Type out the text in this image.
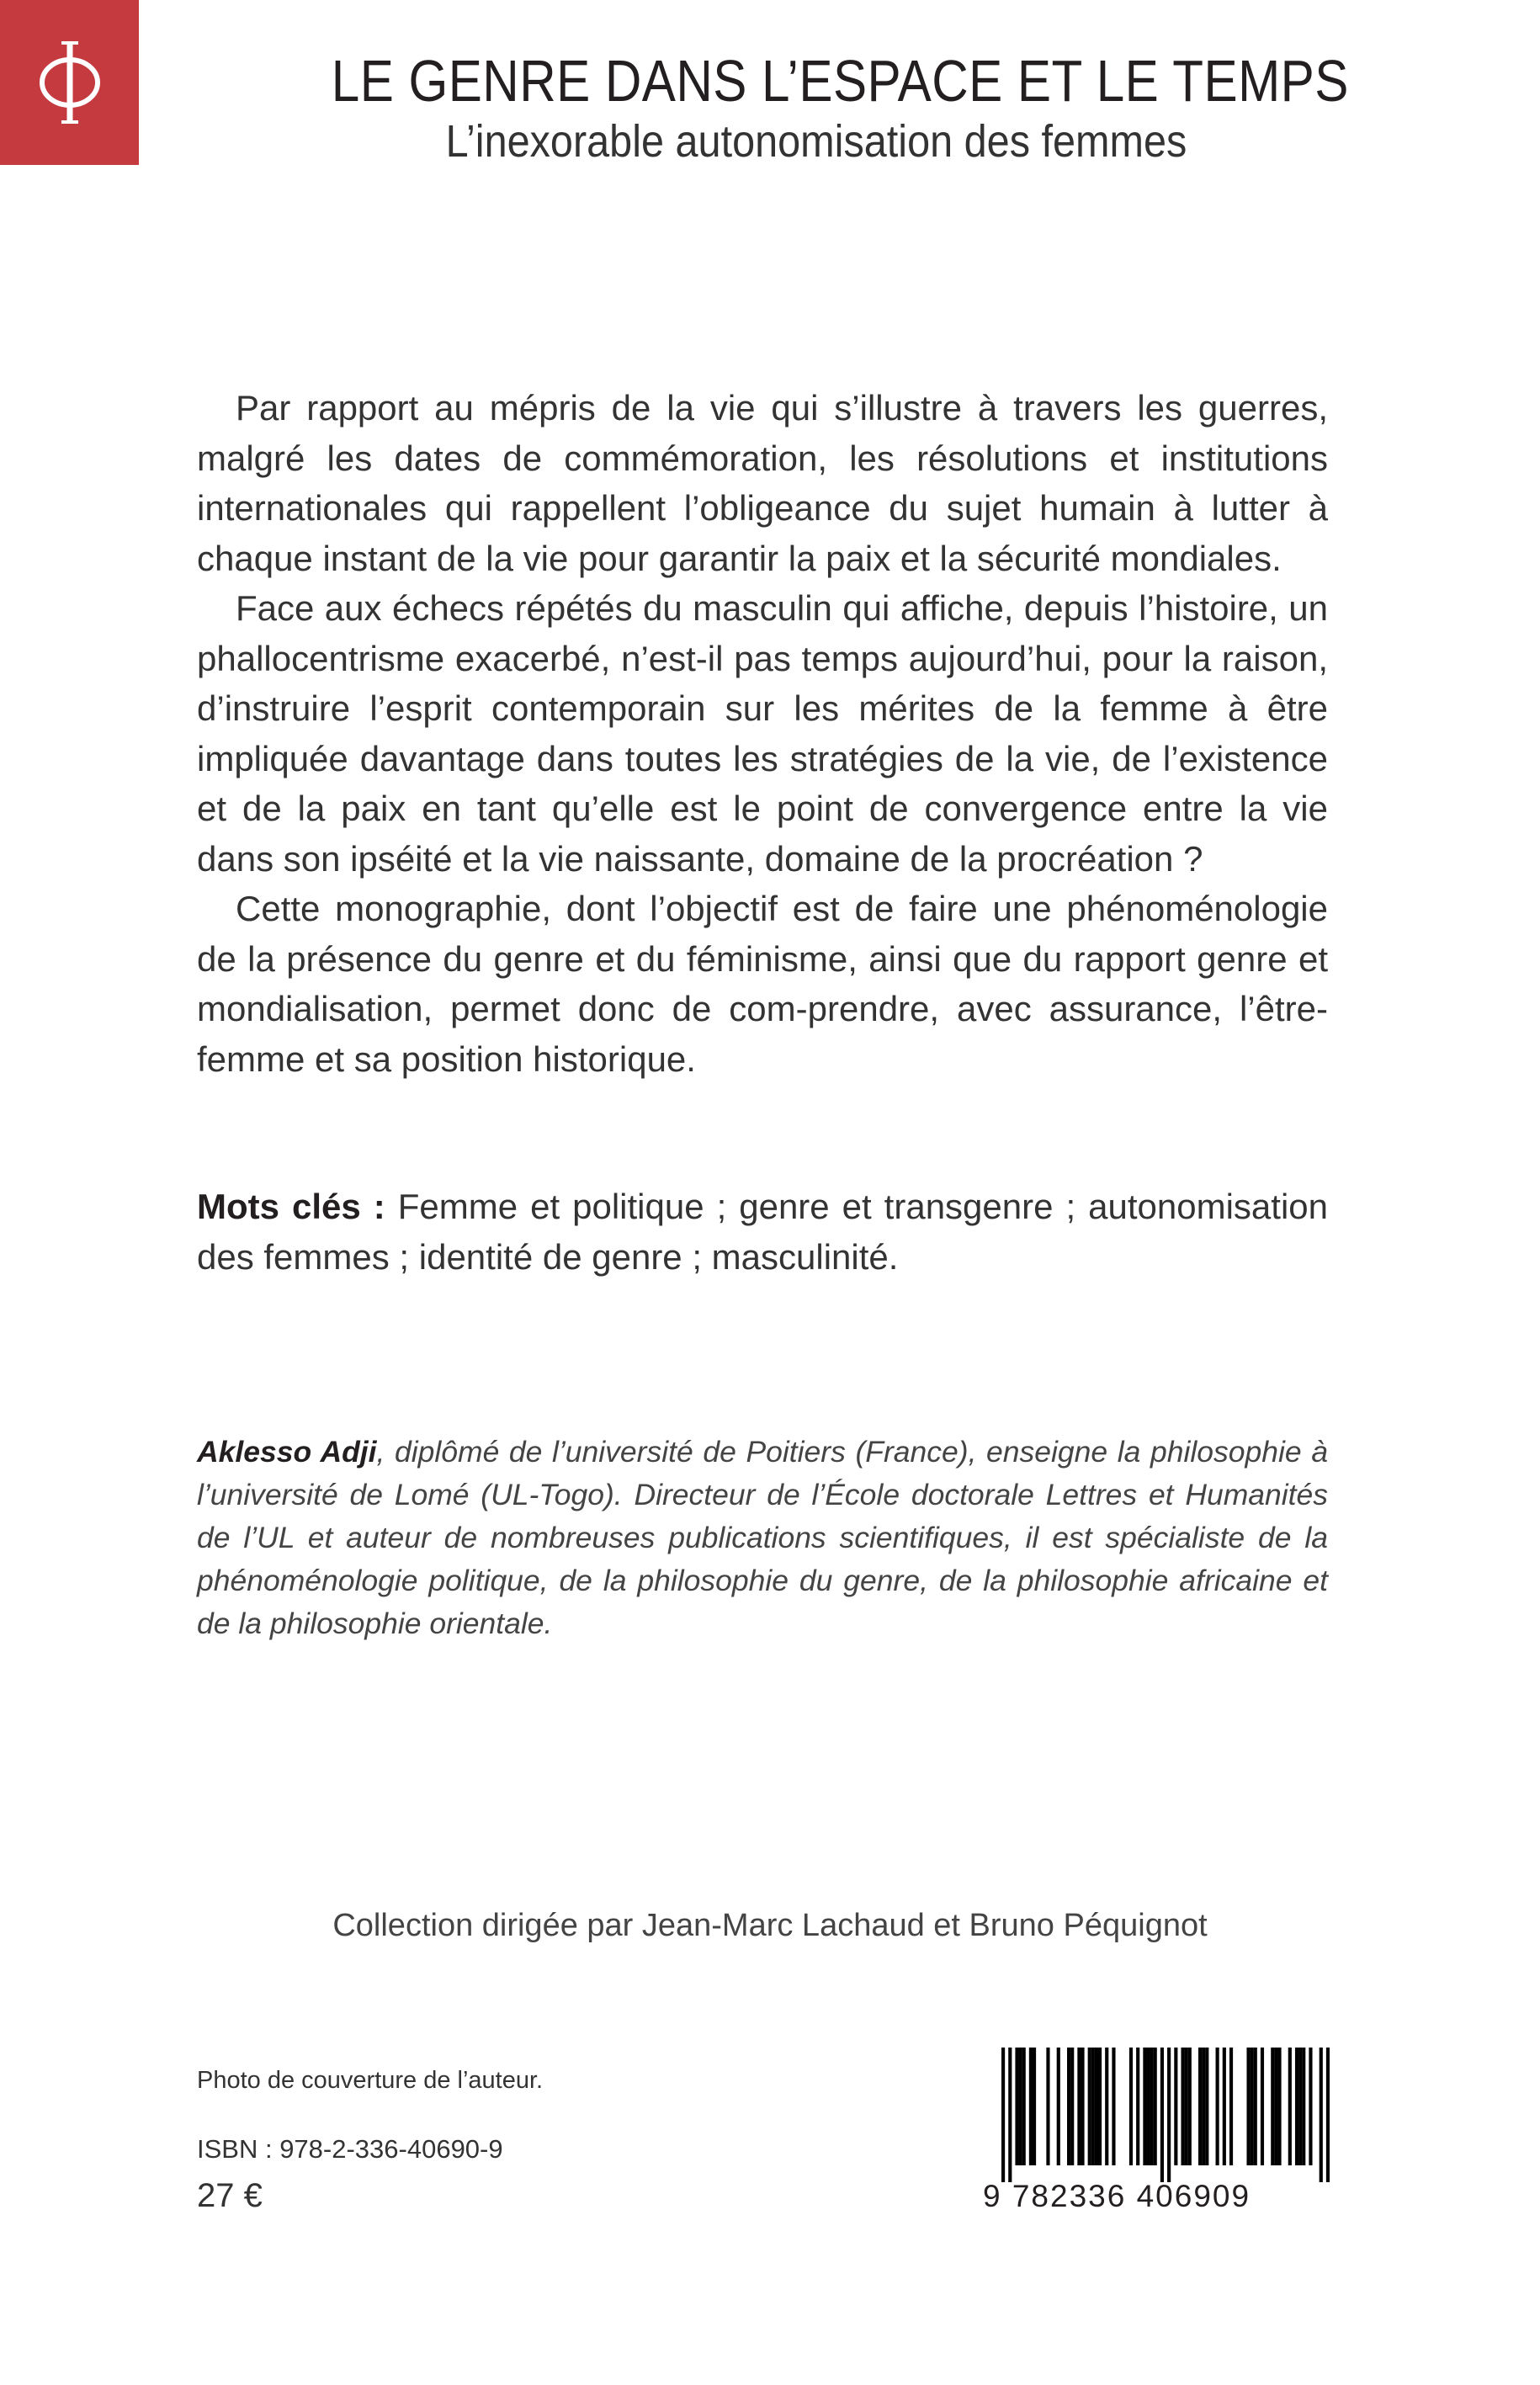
LE GENRE DANS L’ESPACE ET LE TEMPS
L’inexorable autonomisation des femmes

Par rapport au mépris de la vie qui s’illustre à travers les guerres, malgré les dates de commémoration, les résolutions et institutions internationales qui rappellent l’obligeance du sujet humain à lutter à chaque instant de la vie pour garantir la paix et la sécurité mondiales.

Face aux échecs répétés du masculin qui affiche, depuis l’histoire, un phallocentrisme exacerbé, n’est-il pas temps aujourd’hui, pour la raison, d’instruire l’esprit contemporain sur les mérites de la femme à être impliquée davantage dans toutes les stratégies de la vie, de l’existence et de la paix en tant qu’elle est le point de convergence entre la vie dans son ipséité et la vie naissante, domaine de la procréation ?

Cette monographie, dont l’objectif est de faire une phénoménologie de la présence du genre et du féminisme, ainsi que du rapport genre et mondialisation, permet donc de com-prendre, avec assurance, l’être-femme et sa position historique.

Mots clés : Femme et politique ; genre et transgenre ; autonomisation des femmes ; identité de genre ; masculinité.
Aklesso Adji, diplômé de l’université de Poitiers (France), enseigne la philosophie à l’université de Lomé (UL-Togo). Directeur de l’École doctorale Lettres et Humanités de l’UL et auteur de nombreuses publications scientifiques, il est spécialiste de la phénoménologie politique, de la philosophie du genre, de la philosophie africaine et de la philosophie orientale.
Collection dirigée par Jean-Marc Lachaud et Bruno Péquignot
Photo de couverture de l’auteur.
ISBN : 978-2-336-40690-9
27 €	9 782336 406909
